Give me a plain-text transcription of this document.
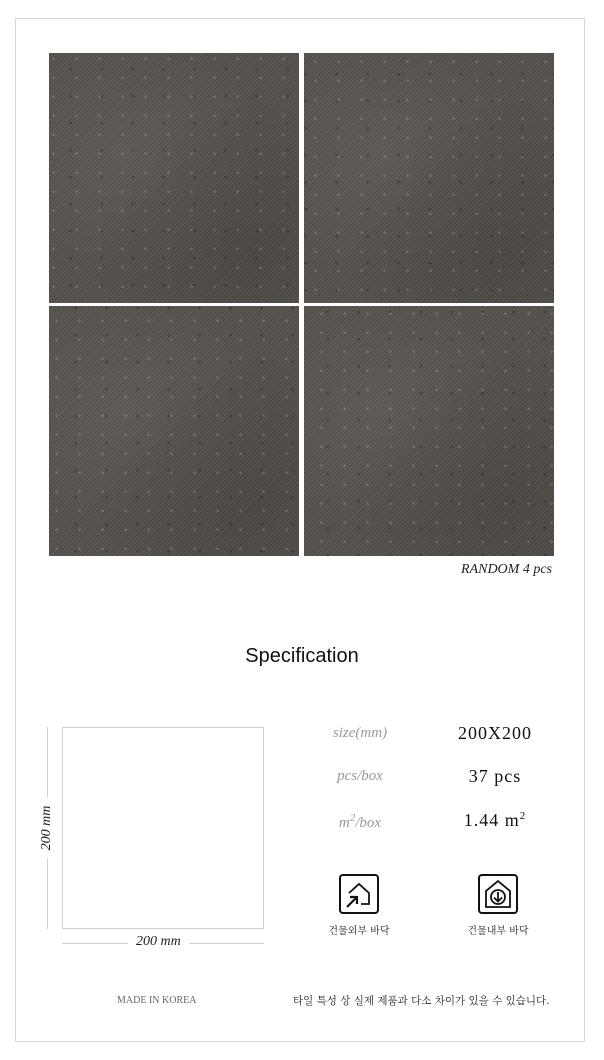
RANDOM 4 pcs
Specification
200 mm
200 mm
size(mm)	200X200
pcs/box	37 pcs
$m^2$/box	1.44 $m^2$
건물외부 바닥	건물내부 바닥
MADE IN KOREA	타일 특성 상 실제 제품과 다소 차이가 있을 수 있습니다.
